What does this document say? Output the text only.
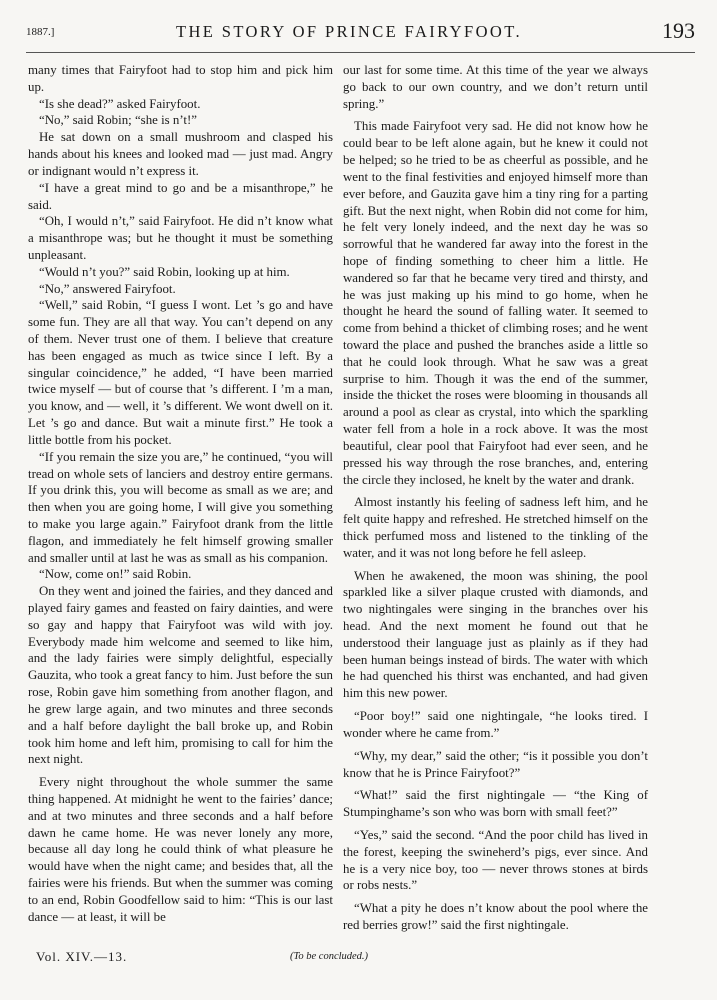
1887.]	THE STORY OF PRINCE FAIRYFOOT.	193

many times that Fairyfoot had to stop him and pick him up.

“Is she dead?” asked Fairyfoot.

“No,” said Robin; “she is n’t!”

He sat down on a small mushroom and clasped his hands about his knees and looked mad — just mad. Angry or indignant would n’t express it.

“I have a great mind to go and be a misanthrope,” he said.

“Oh, I would n’t,” said Fairyfoot. He did n’t know what a misanthrope was; but he thought it must be something unpleasant.

“Would n’t you?” said Robin, looking up at him.

“No,” answered Fairyfoot.

“Well,” said Robin, “I guess I wont. Let ’s go and have some fun. They are all that way. You can’t depend on any of them. Never trust one of them. I believe that creature has been engaged as much as twice since I left. By a singular coincidence,” he added, “I have been married twice myself — but of course that ’s different. I ’m a man, you know, and — well, it ’s different. We wont dwell on it. Let ’s go and dance. But wait a minute first.” He took a little bottle from his pocket.

“If you remain the size you are,” he continued, “you will tread on whole sets of lanciers and destroy entire germans. If you drink this, you will become as small as we are; and then when you are going home, I will give you something to make you large again.” Fairyfoot drank from the little flagon, and immediately he felt himself growing smaller and smaller until at last he was as small as his companion.

“Now, come on!” said Robin.

On they went and joined the fairies, and they danced and played fairy games and feasted on fairy dainties, and were so gay and happy that Fairyfoot was wild with joy. Everybody made him welcome and seemed to like him, and the lady fairies were simply delightful, especially Gauzita, who took a great fancy to him. Just before the sun rose, Robin gave him something from another flagon, and he grew large again, and two minutes and three seconds and a half before daylight the ball broke up, and Robin took him home and left him, promising to call for him the next night.

Every night throughout the whole summer the same thing happened. At midnight he went to the fairies’ dance; and at two minutes and three seconds and a half before dawn he came home. He was never lonely any more, because all day long he could think of what pleasure he would have when the night came; and besides that, all the fairies were his friends. But when the summer was coming to an end, Robin Goodfellow said to him: “This is our last dance — at least, it will be

our last for some time. At this time of the year we always go back to our own country, and we don’t return until spring.”

This made Fairyfoot very sad. He did not know how he could bear to be left alone again, but he knew it could not be helped; so he tried to be as cheerful as possible, and he went to the final festivities and enjoyed himself more than ever before, and Gauzita gave him a tiny ring for a parting gift. But the next night, when Robin did not come for him, he felt very lonely indeed, and the next day he was so sorrowful that he wandered far away into the forest in the hope of finding something to cheer him a little. He wandered so far that he became very tired and thirsty, and he was just making up his mind to go home, when he thought he heard the sound of falling water. It seemed to come from behind a thicket of climbing roses; and he went toward the place and pushed the branches aside a little so that he could look through. What he saw was a great surprise to him. Though it was the end of the summer, inside the thicket the roses were blooming in thousands all around a pool as clear as crystal, into which the sparkling water fell from a hole in a rock above. It was the most beautiful, clear pool that Fairyfoot had ever seen, and he pressed his way through the rose branches, and, entering the circle they inclosed, he knelt by the water and drank.

Almost instantly his feeling of sadness left him, and he felt quite happy and refreshed. He stretched himself on the thick perfumed moss and listened to the tinkling of the water, and it was not long before he fell asleep.

When he awakened, the moon was shining, the pool sparkled like a silver plaque crusted with diamonds, and two nightingales were singing in the branches over his head. And the next moment he found out that he understood their language just as plainly as if they had been human beings instead of birds. The water with which he had quenched his thirst was enchanted, and had given him this new power.

“Poor boy!” said one nightingale, “he looks tired. I wonder where he came from.”

“Why, my dear,” said the other; “is it possible you don’t know that he is Prince Fairyfoot?”

“What!” said the first nightingale — “the King of Stumpinghame’s son who was born with small feet?”

“Yes,” said the second. “And the poor child has lived in the forest, keeping the swineherd’s pigs, ever since. And he is a very nice boy, too — never throws stones at birds or robs nests.”

“What a pity he does n’t know about the pool where the red berries grow!” said the first nightingale.

Vol. XIV.—13.	(To be concluded.)
